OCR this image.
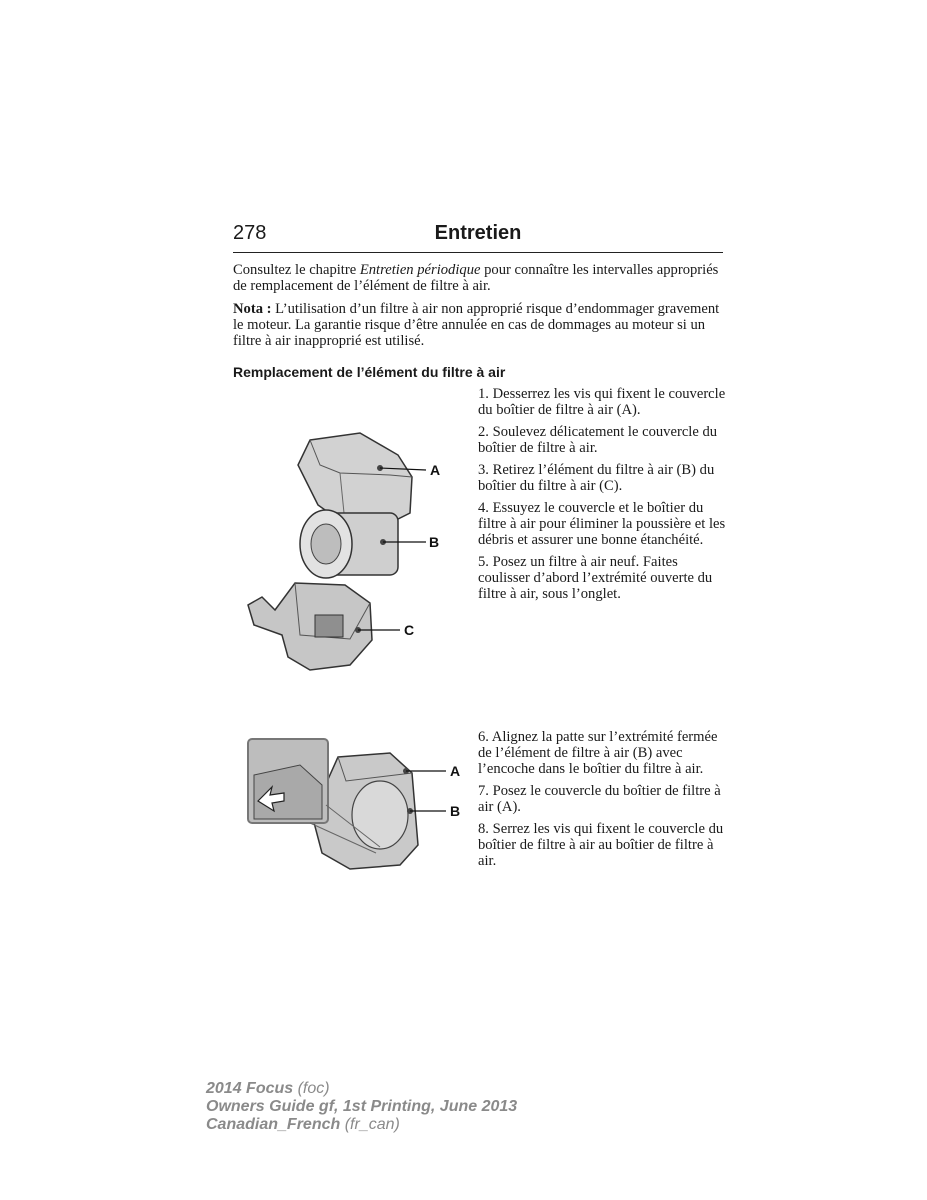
278	Entretien
Consultez le chapitre Entretien périodique pour connaître les intervalles appropriés de remplacement de l’élément de filtre à air.
Nota : L’utilisation d’un filtre à air non approprié risque d’endommager gravement le moteur. La garantie risque d’être annulée en cas de dommages au moteur si un filtre à air inapproprié est utilisé.
Remplacement de l’élément du filtre à air
A
B
C

1. Desserrez les vis qui fixent le couvercle du boîtier de filtre à air (A).

2. Soulevez délicatement le couvercle du boîtier de filtre à air.

3. Retirez l’élément du filtre à air (B) du boîtier du filtre à air (C).

4. Essuyez le couvercle et le boîtier du filtre à air pour éliminer la poussière et les débris et assurer une bonne étanchéité.

5. Posez un filtre à air neuf. Faites coulisser d’abord l’extrémité ouverte du filtre à air, sous l’onglet.

A
B

6. Alignez la patte sur l’extrémité fermée de l’élément de filtre à air (B) avec l’encoche dans le boîtier du filtre à air.

7. Posez le couvercle du boîtier de filtre à air (A).

8. Serrez les vis qui fixent le couvercle du boîtier de filtre à air au boîtier de filtre à air.

2014 Focus (foc)
Owners Guide gf, 1st Printing, June 2013
Canadian_French (fr_can)
